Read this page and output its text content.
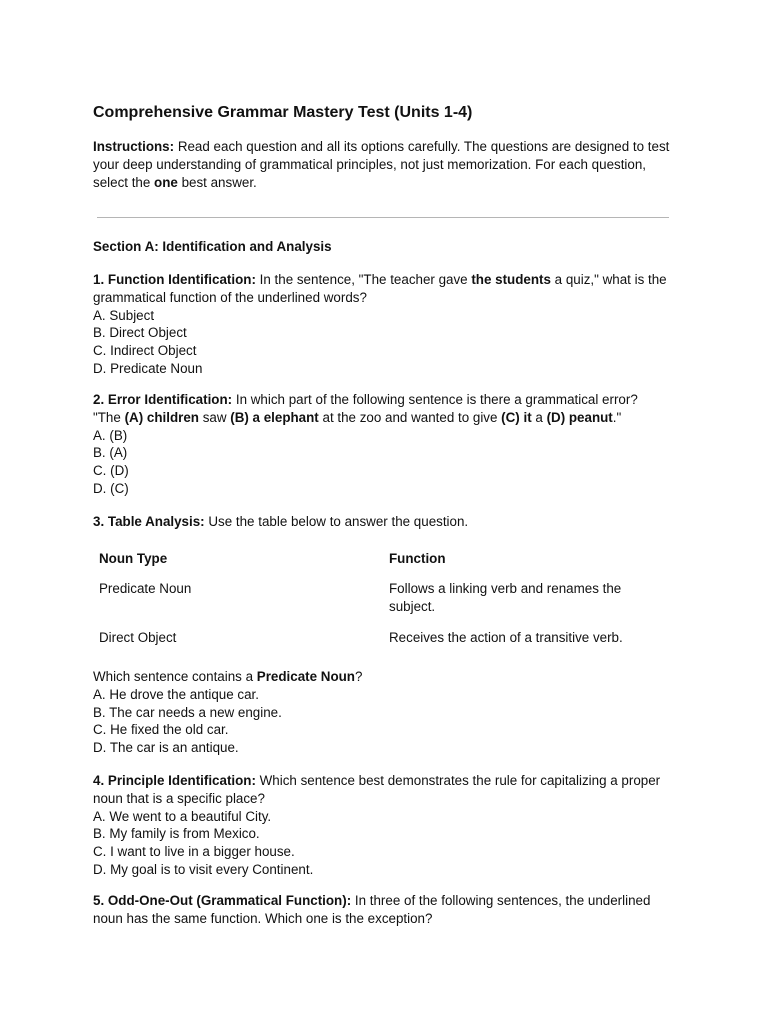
Comprehensive Grammar Mastery Test (Units 1-4)
Instructions: Read each question and all its options carefully. The questions are designed to test your deep understanding of grammatical principles, not just memorization. For each question, select the one best answer.
Section A: Identification and Analysis
1. Function Identification: In the sentence, "The teacher gave the students a quiz," what is the grammatical function of the underlined words?
A. Subject
B. Direct Object
C. Indirect Object
D. Predicate Noun
2. Error Identification: In which part of the following sentence is there a grammatical error?
"The (A) children saw (B) a elephant at the zoo and wanted to give (C) it a (D) peanut."
A. (B)
B. (A)
C. (D)
D. (C)
3. Table Analysis: Use the table below to answer the question.
Noun Type	Function
Predicate Noun	Follows a linking verb and renames the subject.
Direct Object	Receives the action of a transitive verb.
Which sentence contains a Predicate Noun?
A. He drove the antique car.
B. The car needs a new engine.
C. He fixed the old car.
D. The car is an antique.
4. Principle Identification: Which sentence best demonstrates the rule for capitalizing a proper noun that is a specific place?
A. We went to a beautiful City.
B. My family is from Mexico.
C. I want to live in a bigger house.
D. My goal is to visit every Continent.
5. Odd-One-Out (Grammatical Function): In three of the following sentences, the underlined noun has the same function. Which one is the exception?
